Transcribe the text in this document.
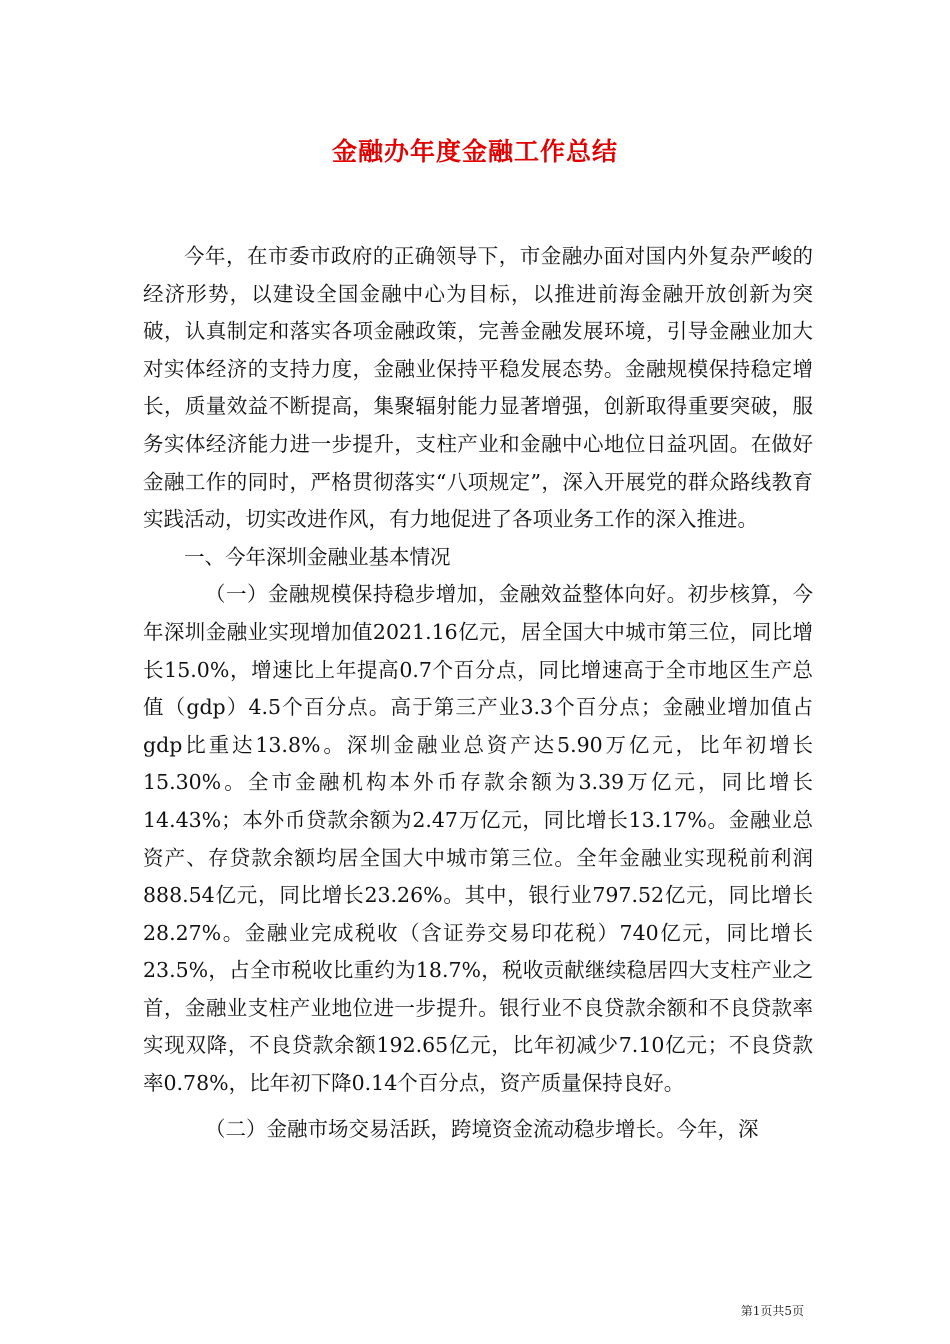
金融办年度金融工作总结

今年，在市委市政府的正确领导下，市金融办面对国内外复杂严峻的经济形势，以建设全国金融中心为目标，以推进前海金融开放创新为突破，认真制定和落实各项金融政策，完善金融发展环境，引导金融业加大对实体经济的支持力度，金融业保持平稳发展态势。金融规模保持稳定增长，质量效益不断提高，集聚辐射能力显著增强，创新取得重要突破，服务实体经济能力进一步提升，支柱产业和金融中心地位日益巩固。在做好金融工作的同时，严格贯彻落实“八项规定”，深入开展党的群众路线教育实践活动，切实改进作风，有力地促进了各项业务工作的深入推进。

一、今年深圳金融业基本情况

（一）金融规模保持稳步增加，金融效益整体向好。初步核算，今年深圳金融业实现增加值2021.16亿元，居全国大中城市第三位，同比增长15.0%，增速比上年提高0.7个百分点，同比增速高于全市地区生产总值（gdp）4.5个百分点。高于第三产业3.3个百分点；金融业增加值占gdp比重达13.8%。深圳金融业总资产达5.90万亿元，比年初增长15.30%。全市金融机构本外币存款余额为3.39万亿元，同比增长14.43%；本外币贷款余额为2.47万亿元，同比增长13.17%。金融业总资产、存贷款余额均居全国大中城市第三位。全年金融业实现税前利润888.54亿元，同比增长23.26%。其中，银行业797.52亿元，同比增长28.27%。金融业完成税收（含证券交易印花税）740亿元，同比增长23.5%，占全市税收比重约为18.7%，税收贡献继续稳居四大支柱产业之首，金融业支柱产业地位进一步提升。银行业不良贷款余额和不良贷款率实现双降，不良贷款余额192.65亿元，比年初减少7.10亿元；不良贷款率0.78%，比年初下降0.14个百分点，资产质量保持良好。

（二）金融市场交易活跃，跨境资金流动稳步增长。今年，深

第1页共5页
